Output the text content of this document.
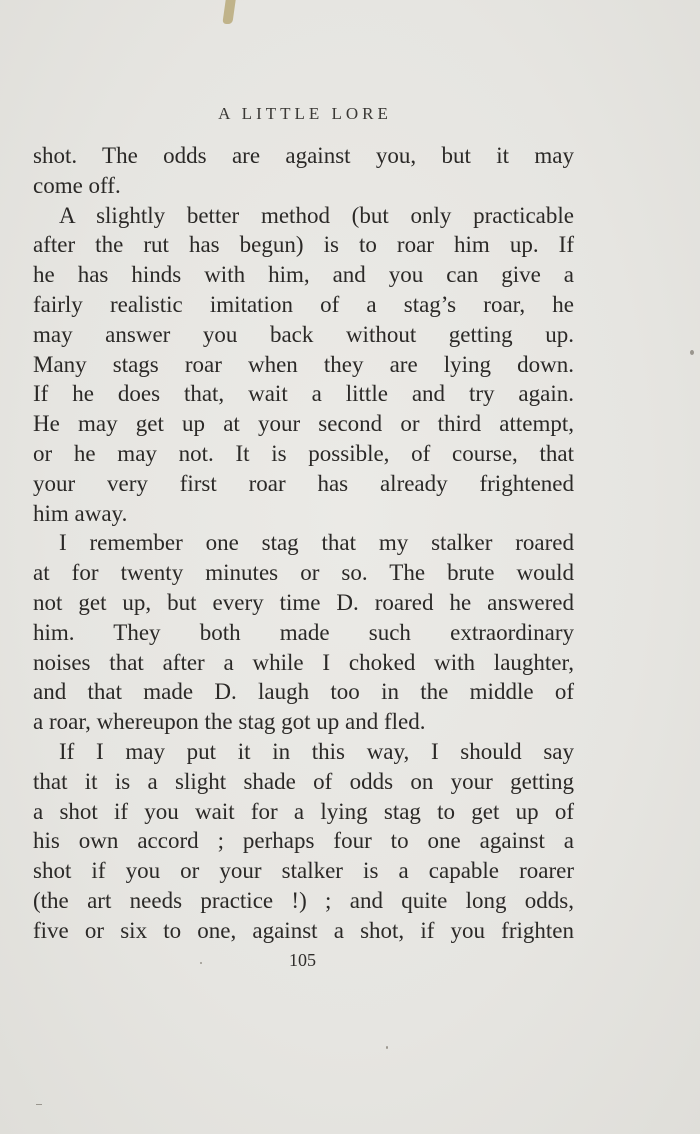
A LITTLE LORE
shot. The odds are against you, but it may
come off.
A slightly better method (but only practicable
after the rut has begun) is to roar him up. If
he has hinds with him, and you can give a
fairly realistic imitation of a stag’s roar, he
may answer you back without getting up.
Many stags roar when they are lying down.
If he does that, wait a little and try again.
He may get up at your second or third attempt,
or he may not. It is possible, of course, that
your very first roar has already frightened
him away.
I remember one stag that my stalker roared
at for twenty minutes or so. The brute would
not get up, but every time D. roared he answered
him. They both made such extraordinary
noises that after a while I choked with laughter,
and that made D. laugh too in the middle of
a roar, whereupon the stag got up and fled.
If I may put it in this way, I should say
that it is a slight shade of odds on your getting
a shot if you wait for a lying stag to get up of
his own accord ; perhaps four to one against a
shot if you or your stalker is a capable roarer
(the art needs practice !) ; and quite long odds,
five or six to one, against a shot, if you frighten
105
